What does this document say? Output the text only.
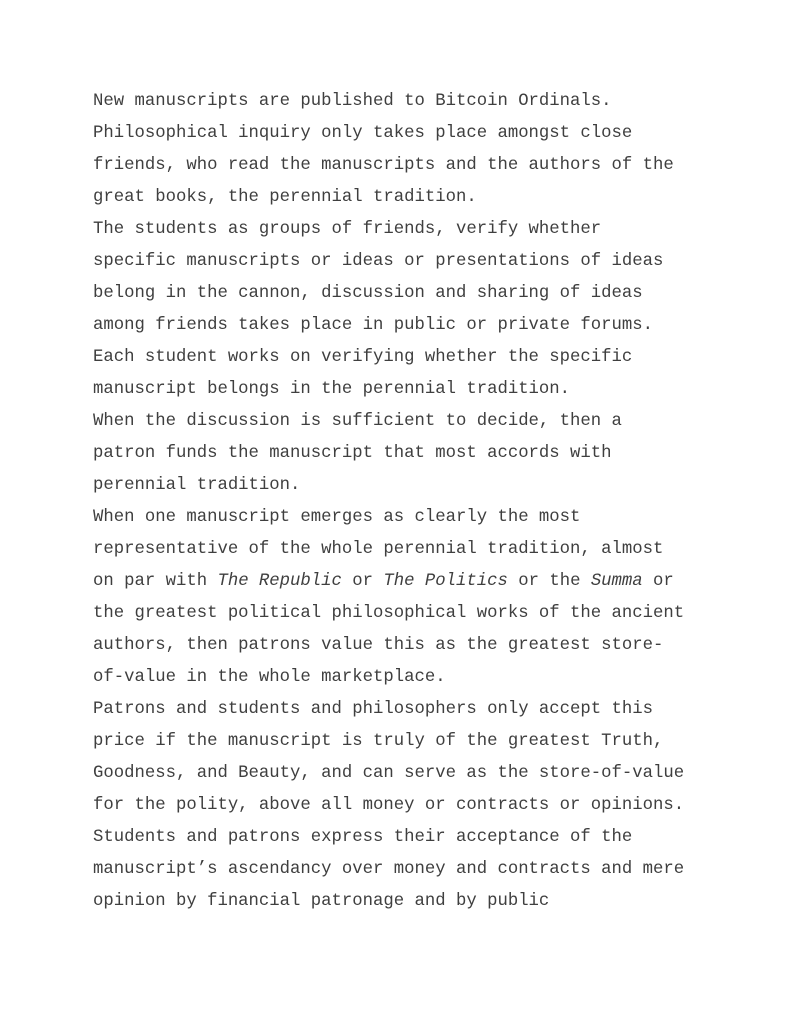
New manuscripts are published to Bitcoin Ordinals.
Philosophical inquiry only takes place amongst close
friends, who read the manuscripts and the authors of the
great books, the perennial tradition.
The students as groups of friends, verify whether
specific manuscripts or ideas or presentations of ideas
belong in the cannon, discussion and sharing of ideas
among friends takes place in public or private forums.
Each student works on verifying whether the specific
manuscript belongs in the perennial tradition.
When the discussion is sufficient to decide, then a
patron funds the manuscript that most accords with
perennial tradition.
When one manuscript emerges as clearly the most
representative of the whole perennial tradition, almost
on par with The Republic or The Politics or the Summa or
the greatest political philosophical works of the ancient
authors, then patrons value this as the greatest store-
of-value in the whole marketplace.
Patrons and students and philosophers only accept this
price if the manuscript is truly of the greatest Truth,
Goodness, and Beauty, and can serve as the store-of-value
for the polity, above all money or contracts or opinions.
Students and patrons express their acceptance of the
manuscript’s ascendancy over money and contracts and mere
opinion by financial patronage and by public
